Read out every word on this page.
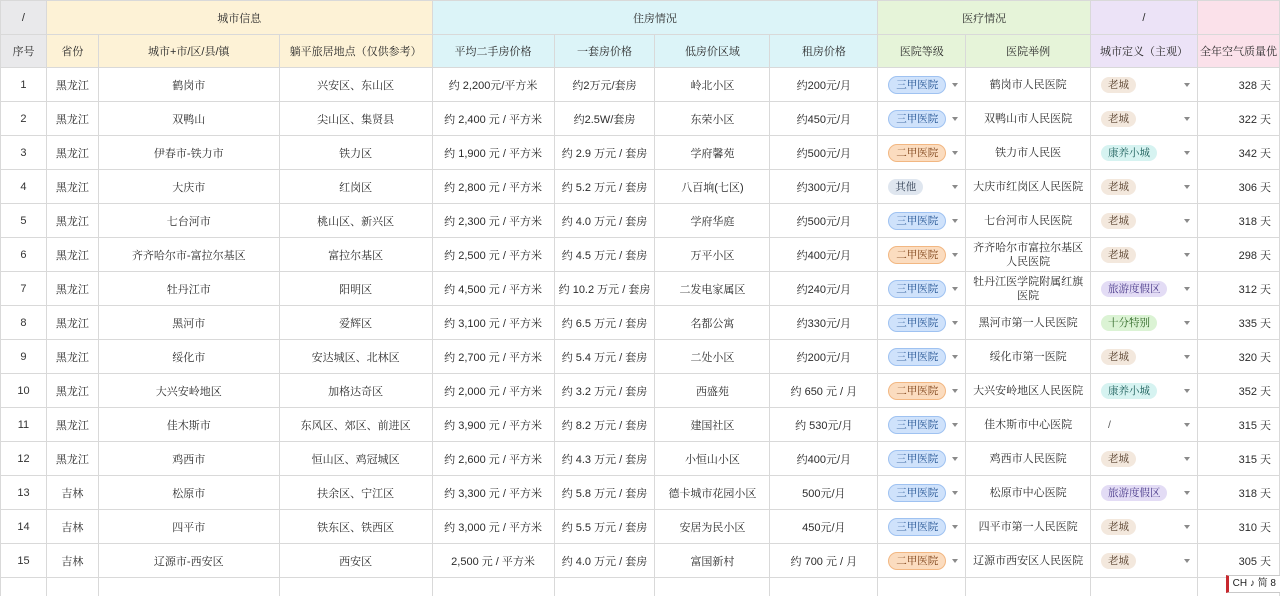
/	城市信息			住房情况				医疗情况		/	
序号	省份	城市+市/区/县/镇	躺平旅居地点（仅供参考）	平均二手房价格	一套房价格	低房价区域	租房价格	医院等级	医院举例	城市定义（主观）	全年空气质量优
1	黑龙江	鹤岗市	兴安区、东山区	约 2,200元/平方米	约2万元/套房	岭北小区	约200元/月	三甲医院	鹤岗市人民医院	老城	328 天
2	黑龙江	双鸭山	尖山区、集贤县	约 2,400 元 / 平方米	约2.5W/套房	东荣小区	约450元/月	三甲医院	双鸭山市人民医院	老城	322 天
3	黑龙江	伊春市-铁力市	铁力区	约 1,900 元 / 平方米	约 2.9 万元 / 套房	学府馨苑	约500元/月	二甲医院	铁力市人民医	康养小城	342 天
4	黑龙江	大庆市	红岗区	约 2,800 元 / 平方米	约 5.2 万元 / 套房	八百垧(七区)	约300元/月	其他	大庆市红岗区人民医院	老城	306 天
5	黑龙江	七台河市	桃山区、新兴区	约 2,300 元 / 平方米	约 4.0 万元 / 套房	学府华庭	约500元/月	三甲医院	七台河市人民医院	老城	318 天
6	黑龙江	齐齐哈尔市-富拉尔基区	富拉尔基区	约 2,500 元 / 平方米	约 4.5 万元 / 套房	万平小区	约400元/月	二甲医院	齐齐哈尔市富拉尔基区人民医院	老城	298 天
7	黑龙江	牡丹江市	阳明区	约 4,500 元 / 平方米	约 10.2 万元 / 套房	二发电家属区	约240元/月	三甲医院	牡丹江医学院附属红旗医院	旅游度假区	312 天
8	黑龙江	黑河市	爱辉区	约 3,100 元 / 平方米	约 6.5 万元 / 套房	名都公寓	约330元/月	三甲医院	黑河市第一人民医院	十分特别	335 天
9	黑龙江	绥化市	安达城区、北林区	约 2,700 元 / 平方米	约 5.4 万元 / 套房	二处小区	约200元/月	三甲医院	绥化市第一医院	老城	320 天
10	黑龙江	大兴安岭地区	加格达奇区	约 2,000 元 / 平方米	约 3.2 万元 / 套房	西盛苑	约 650 元 / 月	二甲医院	大兴安岭地区人民医院	康养小城	352 天
11	黑龙江	佳木斯市	东风区、郊区、前进区	约 3,900 元 / 平方米	约 8.2 万元 / 套房	建国社区	约 530元/月	三甲医院	佳木斯市中心医院	/	315 天
12	黑龙江	鸡西市	恒山区、鸡冠城区	约 2,600 元 / 平方米	约 4.3 万元 / 套房	小恒山小区	约400元/月	三甲医院	鸡西市人民医院	老城	315 天
13	吉林	松原市	扶余区、宁江区	约 3,300 元 / 平方米	约 5.8 万元 / 套房	德卡城市花园小区	500元/月	三甲医院	松原市中心医院	旅游度假区	318 天
14	吉林	四平市	铁东区、铁西区	约 3,000 元 / 平方米	约 5.5 万元 / 套房	安居为民小区	450元/月	三甲医院	四平市第一人民医院	老城	310 天
15	吉林	辽源市-西安区	西安区	2,500 元 / 平方米	约 4.0 万元 / 套房	富国新村	约 700 元 / 月	二甲医院	辽源市西安区人民医院	老城	305 天

CH ♪ 简 8
